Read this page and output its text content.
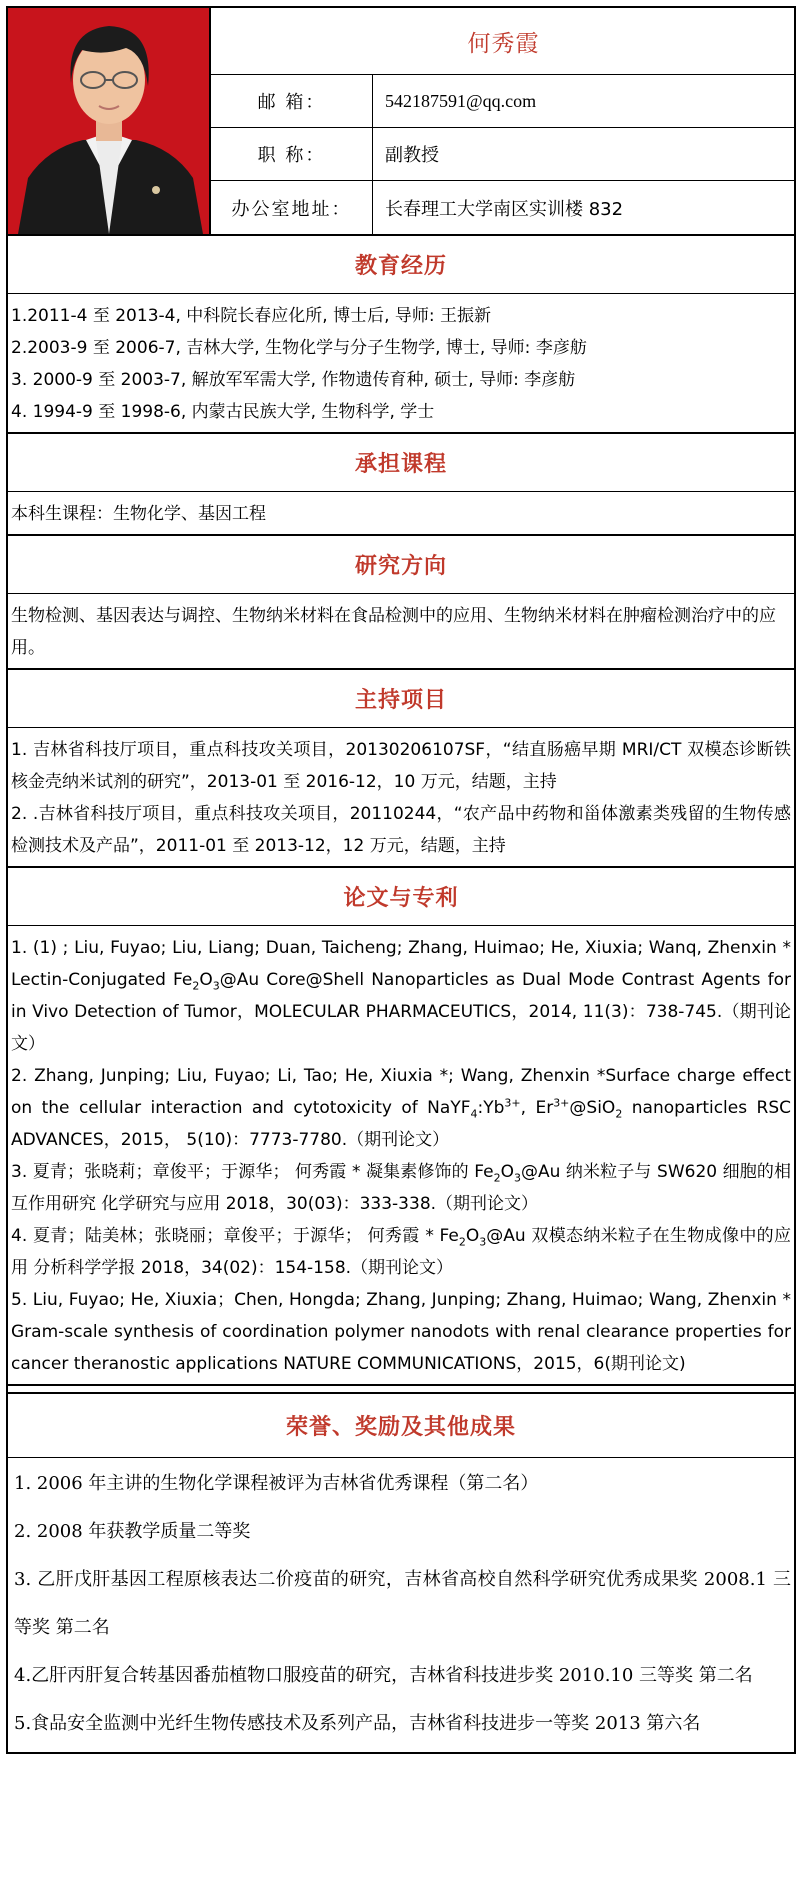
何秀霞
邮 箱：	542187591@qq.com
职 称：	副教授
办公室地址：	长春理工大学南区实训楼 832
教育经历

1.2011-4 至 2013-4, 中科院长春应化所, 博士后, 导师: 王振新

2.2003-9 至 2006-7, 吉林大学, 生物化学与分子生物学, 博士, 导师: 李彦舫

3. 2000-9 至 2003-7, 解放军军需大学, 作物遗传育种, 硕士, 导师: 李彦舫

4. 1994-9 至 1998-6, 内蒙古民族大学, 生物科学, 学士

承担课程

本科生课程：生物化学、基因工程

研究方向

生物检测、基因表达与调控、生物纳米材料在食品检测中的应用、生物纳米材料在肿瘤检测治疗中的应用。

主持项目

1. 吉林省科技厅项目，重点科技攻关项目，20130206107SF，“结直肠癌早期 MRI/CT 双模态诊断铁核金壳纳米试剂的研究”，2013-01 至 2016-12，10 万元，结题，主持

2. .吉林省科技厅项目，重点科技攻关项目，20110244，“农产品中药物和甾体激素类残留的生物传感检测技术及产品”，2011-01 至 2013-12，12 万元，结题，主持

论文与专利

1. (1) ; Liu, Fuyao; Liu, Liang; Duan, Taicheng; Zhang, Huimao; He, Xiuxia; Wanq, Zhenxin * Lectin-Conjugated $Fe_2O_3@Au$ Core@Shell Nanoparticles as Dual Mode Contrast Agents for in Vivo Detection of Tumor，MOLECULAR PHARMACEUTICS，2014, 11(3)：738-745.（期刊论文）

2. Zhang, Junping; Liu, Fuyao; Li, Tao; He, Xiuxia *; Wang, Zhenxin *Surface charge effect on the cellular interaction and cytotoxicity of $NaYF_4:Yb^{3+}$, $Er^{3+}@SiO_2$ nanoparticles RSC ADVANCES，2015， 5(10)：7773-7780.（期刊论文）

3. 夏青；张晓莉；章俊平；于源华； 何秀霞 * 凝集素修饰的 $Fe_2O_3@Au$ 纳米粒子与 SW620 细胞的相互作用研究 化学研究与应用 2018，30(03)：333-338.（期刊论文）

4. 夏青；陆美林；张晓丽；章俊平；于源华； 何秀霞 * $Fe_2O_3@Au$ 双模态纳米粒子在生物成像中的应用 分析科学学报 2018，34(02)：154-158.（期刊论文）

5. Liu, Fuyao; He, Xiuxia；Chen, Hongda; Zhang, Junping; Zhang, Huimao; Wang, Zhenxin * Gram-scale synthesis of coordination polymer nanodots with renal clearance properties for cancer theranostic applications NATURE COMMUNICATIONS，2015，6(期刊论文)

荣誉、奖励及其他成果

1. 2006 年主讲的生物化学课程被评为吉林省优秀课程（第二名）

2. 2008 年获教学质量二等奖

3. 乙肝戊肝基因工程原核表达二价疫苗的研究，吉林省高校自然科学研究优秀成果奖 2008.1 三等奖 第二名

4.乙肝丙肝复合转基因番茄植物口服疫苗的研究，吉林省科技进步奖 2010.10 三等奖 第二名

5.食品安全监测中光纤生物传感技术及系列产品，吉林省科技进步一等奖 2013 第六名
